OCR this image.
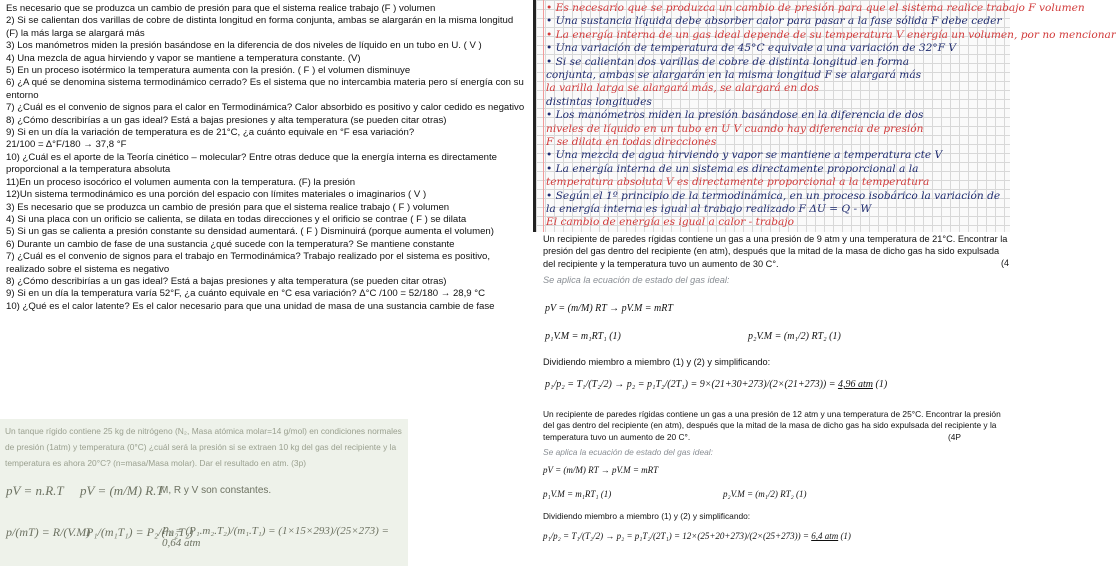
Es necesario que se produzca un cambio de presión para que el sistema realice trabajo (F ) volumen
2) Si se calientan dos varillas de cobre de distinta longitud en forma conjunta, ambas se alargarán en la misma longitud (F) la más larga se alargará más
3) Los manómetros miden la presión basándose en la diferencia de dos niveles de líquido en un tubo en U. ( V )
4) Una mezcla de agua hirviendo y vapor se mantiene a temperatura constante. (V)
5) En un proceso isotérmico la temperatura aumenta con la presión. ( F ) el volumen disminuye
6) ¿A qué se denomina sistema termodinámico cerrado? Es el sistema que no intercambia materia pero sí energía con su entorno
7) ¿Cuál es el convenio de signos para el calor en Termodinámica? Calor absorbido es positivo y calor cedido es negativo
8) ¿Cómo describirías a un gas ideal? Está a bajas presiones y alta temperatura (se pueden citar otras)
9) Si en un día la variación de temperatura es de 21°C, ¿a cuánto equivale en °F esa variación?
21/100 = Δ°F/180 → 37,8 °F
10) ¿Cuál es el aporte de la Teoría cinético – molecular? Entre otras deduce que la energía interna es directamente proporcional a la temperatura absoluta
11)En un proceso isocórico el volumen aumenta con la temperatura. (F) la presión
12)Un sistema termodinámico es una porción del espacio con límites materiales o imaginarios ( V )
3) Es necesario que se produzca un cambio de presión para que el sistema realice trabajo ( F ) volumen
4) Si una placa con un orificio se calienta, se dilata en todas direcciones y el orificio se contrae ( F ) se dilata
5) Si un gas se calienta a presión constante su densidad aumentará. ( F ) Disminuirá (porque aumenta el volumen)
6) Durante un cambio de fase de una sustancia ¿qué sucede con la temperatura? Se mantiene constante
7) ¿Cuál es el convenio de signos para el trabajo en Termodinámica? Trabajo realizado por el sistema es positivo, realizado sobre el sistema es negativo
8) ¿Cómo describirías a un gas ideal? Está a bajas presiones y alta temperatura (se pueden citar otras)
9) Si en un día la temperatura varía 52°F, ¿a cuánto equivale en °C esa variación? Δ°C /100 = 52/180 → 28,9 °C
10) ¿Qué es el calor latente? Es el calor necesario para que una unidad de masa de una sustancia cambie de fase
Un tanque rígido contiene 25 kg de nitrógeno (N₂, Masa atómica molar=14 g/mol) en condiciones normales de presión (1atm) y temperatura (0°C) ¿cuál será la presión si se extraen 10 kg del gas del recipiente y la temperatura es ahora 20°C? (n=masa/Masa molar). Dar el resultado en atm. (3p)
pV = n.R.T pV = (m/M) R.T
M, R y V son constantes.
p/(mT) = R/(V.M)
P₁/(m₁T₁) = P₂/(m₂T₂)
P₂ = (P₁.m₂.T₂)/(m₁.T₁) = (1×15×293)/(25×273) = 0,64 atm
• Es necesario que se produzca un cambio de presión para que el sistema realice trabajo F volumen
• Una sustancia líquida debe absorber calor para pasar a la fase sólida F debe ceder
• La energía interna de un gas ideal depende de su temperatura V energía un volumen, por no mencionar
• Una variación de temperatura de 45°C equivale a una variación de 32°F V
• Si se calientan dos varillas de cobre de distinta longitud en forma
conjunta, ambas se alargarán en la misma longitud F se alargará más
la varilla larga se alargará más, se alargará en dos
distintas longitudes
• Los manómetros miden la presión basándose en la diferencia de dos
niveles de líquido en un tubo en U V cuando hay diferencia de presión
F se dilata en todas direcciones
• Una mezcla de agua hirviendo y vapor se mantiene a temperatura cte V
• La energía interna de un sistema es directamente proporcional a la
temperatura absoluta V es directamente proporcional a la temperatura
• Según el 1º principio de la termodinámica, en un proceso isobárico la variación de
la energía interna es igual al trabajo realizado F ΔU = Q - W
El cambio de energía es igual a calor - trabajo
Un recipiente de paredes rígidas contiene un gas a una presión de 9 atm y una temperatura de 21°C. Encontrar la presión del gas dentro del recipiente (en atm), después que la mitad de la masa de dicho gas ha sido expulsada del recipiente y la temperatura tuvo un aumento de 30 C°.	(4
Se aplica la ecuación de estado del gas ideal:
pV = (m/M) RT → pV.M = mRT
p₁V.M = m₁RT₁ (1)	p₂V.M = (m₁/2) RT₂ (1)
Dividiendo miembro a miembro (1) y (2) y simplificando:
p₁/p₂ = T₁/(T₂/2) → p₂ = p₁T₂/(2T₁) = 9×(21+30+273)/(2×(21+273)) = 4,96 atm (1)
Un recipiente de paredes rígidas contiene un gas a una presión de 12 atm y una temperatura de 25°C. Encontrar la presión del gas dentro del recipiente (en atm), después que la mitad de la masa de dicho gas ha sido expulsada del recipiente y la temperatura tuvo un aumento de 20 C°.	(4P
Se aplica la ecuación de estado del gas ideal:
pV = (m/M) RT → pV.M = mRT
p₁V.M = m₁RT₁ (1)	p₂V.M = (m₁/2) RT₂ (1)
Dividiendo miembro a miembro (1) y (2) y simplificando:
p₁/p₂ = T₁/(T₂/2) → p₂ = p₁T₂/(2T₁) = 12×(25+20+273)/(2×(25+273)) = 6,4 atm (1)
